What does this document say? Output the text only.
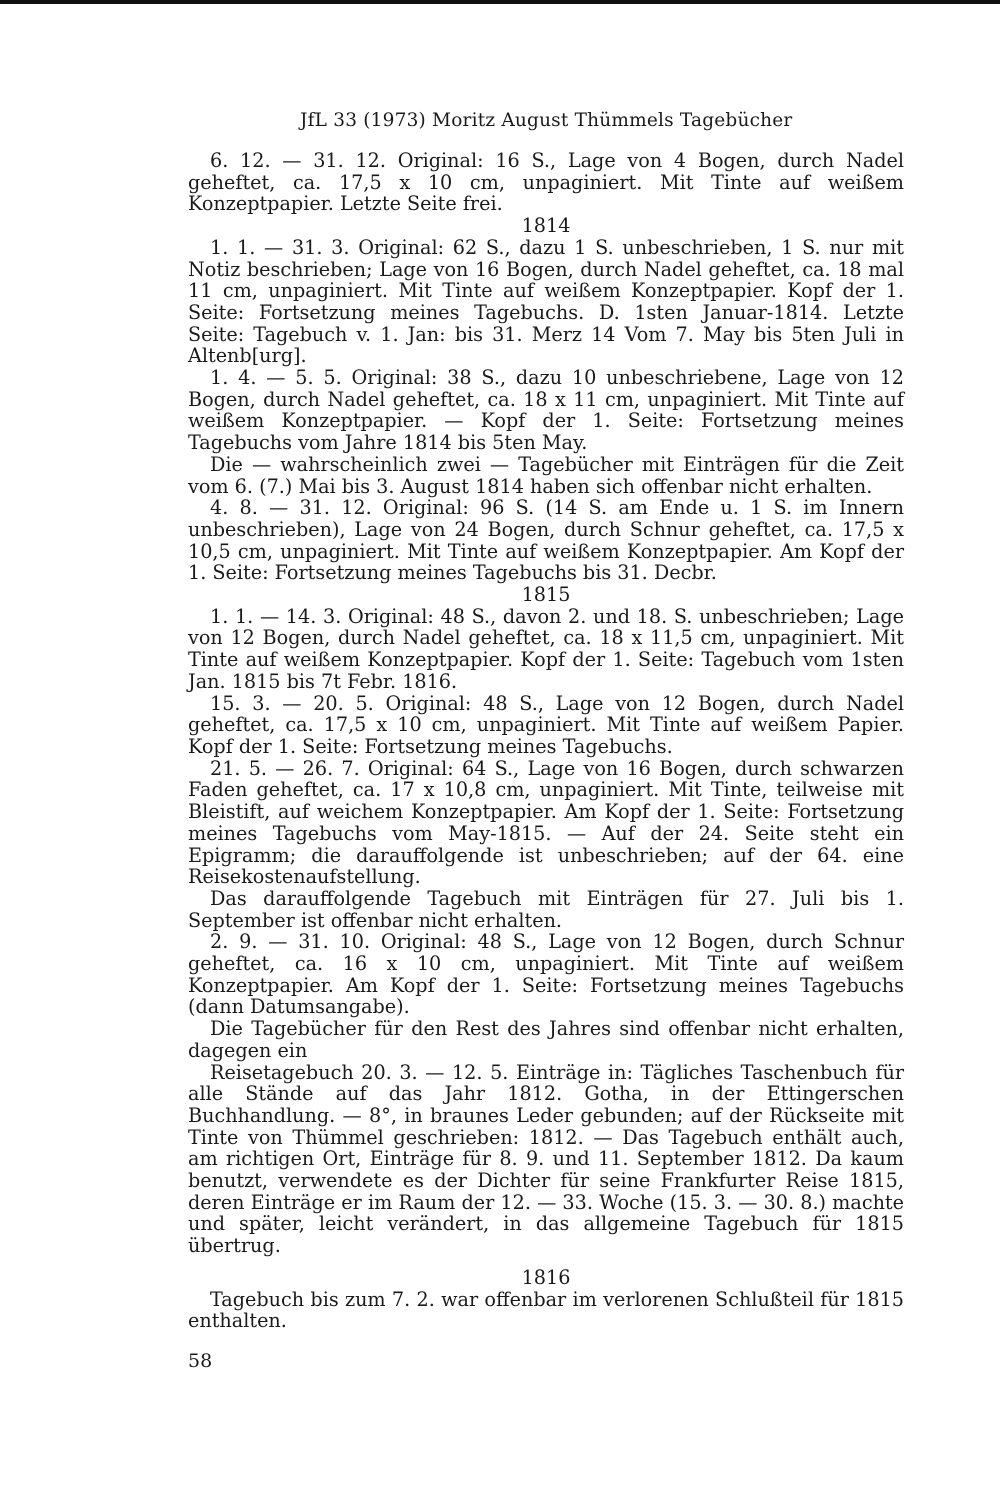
JfL 33 (1973) Moritz August Thümmels Tagebücher

6. 12. — 31. 12. Original: 16 S., Lage von 4 Bogen, durch Nadel geheftet, ca. 17,5 x 10 cm, unpaginiert. Mit Tinte auf weißem Konzeptpapier. Letzte Seite frei.

1814

1. 1. — 31. 3. Original: 62 S., dazu 1 S. unbeschrieben, 1 S. nur mit Notiz beschrieben; Lage von 16 Bogen, durch Nadel geheftet, ca. 18 mal 11 cm, unpaginiert. Mit Tinte auf weißem Konzeptpapier. Kopf der 1. Seite: Fortsetzung meines Tagebuchs. D. 1sten Januar-1814. Letzte Seite: Tagebuch v. 1. Jan: bis 31. Merz 14 Vom 7. May bis 5ten Juli in Altenb[urg].

1. 4. — 5. 5. Original: 38 S., dazu 10 unbeschriebene, Lage von 12 Bogen, durch Nadel geheftet, ca. 18 x 11 cm, unpaginiert. Mit Tinte auf weißem Konzeptpapier. — Kopf der 1. Seite: Fortsetzung meines Tagebuchs vom Jahre 1814 bis 5ten May.

Die — wahrscheinlich zwei — Tagebücher mit Einträgen für die Zeit vom 6. (7.) Mai bis 3. August 1814 haben sich offenbar nicht erhalten.

4. 8. — 31. 12. Original: 96 S. (14 S. am Ende u. 1 S. im Innern unbeschrieben), Lage von 24 Bogen, durch Schnur geheftet, ca. 17,5 x 10,5 cm, unpaginiert. Mit Tinte auf weißem Konzeptpapier. Am Kopf der 1. Seite: Fortsetzung meines Tagebuchs bis 31. Decbr.

1815

1. 1. — 14. 3. Original: 48 S., davon 2. und 18. S. unbeschrieben; Lage von 12 Bogen, durch Nadel geheftet, ca. 18 x 11,5 cm, unpaginiert. Mit Tinte auf weißem Konzeptpapier. Kopf der 1. Seite: Tagebuch vom 1sten Jan. 1815 bis 7t Febr. 1816.

15. 3. — 20. 5. Original: 48 S., Lage von 12 Bogen, durch Nadel geheftet, ca. 17,5 x 10 cm, unpaginiert. Mit Tinte auf weißem Papier. Kopf der 1. Seite: Fortsetzung meines Tagebuchs.

21. 5. — 26. 7. Original: 64 S., Lage von 16 Bogen, durch schwarzen Faden geheftet, ca. 17 x 10,8 cm, unpaginiert. Mit Tinte, teilweise mit Bleistift, auf weichem Konzeptpapier. Am Kopf der 1. Seite: Fortsetzung meines Tagebuchs vom May-1815. — Auf der 24. Seite steht ein Epigramm; die darauffolgende ist unbeschrieben; auf der 64. eine Reisekostenaufstellung.

Das darauffolgende Tagebuch mit Einträgen für 27. Juli bis 1. September ist offenbar nicht erhalten.

2. 9. — 31. 10. Original: 48 S., Lage von 12 Bogen, durch Schnur geheftet, ca. 16 x 10 cm, unpaginiert. Mit Tinte auf weißem Konzeptpapier. Am Kopf der 1. Seite: Fortsetzung meines Tagebuchs (dann Datumsangabe).

Die Tagebücher für den Rest des Jahres sind offenbar nicht erhalten, dagegen ein

Reisetagebuch 20. 3. — 12. 5. Einträge in: Tägliches Taschenbuch für alle Stände auf das Jahr 1812. Gotha, in der Ettingerschen Buchhandlung. — 8°, in braunes Leder gebunden; auf der Rückseite mit Tinte von Thümmel geschrieben: 1812. — Das Tagebuch enthält auch, am richtigen Ort, Einträge für 8. 9. und 11. September 1812. Da kaum benutzt, verwendete es der Dichter für seine Frankfurter Reise 1815, deren Einträge er im Raum der 12. — 33. Woche (15. 3. — 30. 8.) machte und später, leicht verändert, in das allgemeine Tagebuch für 1815 übertrug.

1816

Tagebuch bis zum 7. 2. war offenbar im verlorenen Schlußteil für 1815 enthalten.

58
